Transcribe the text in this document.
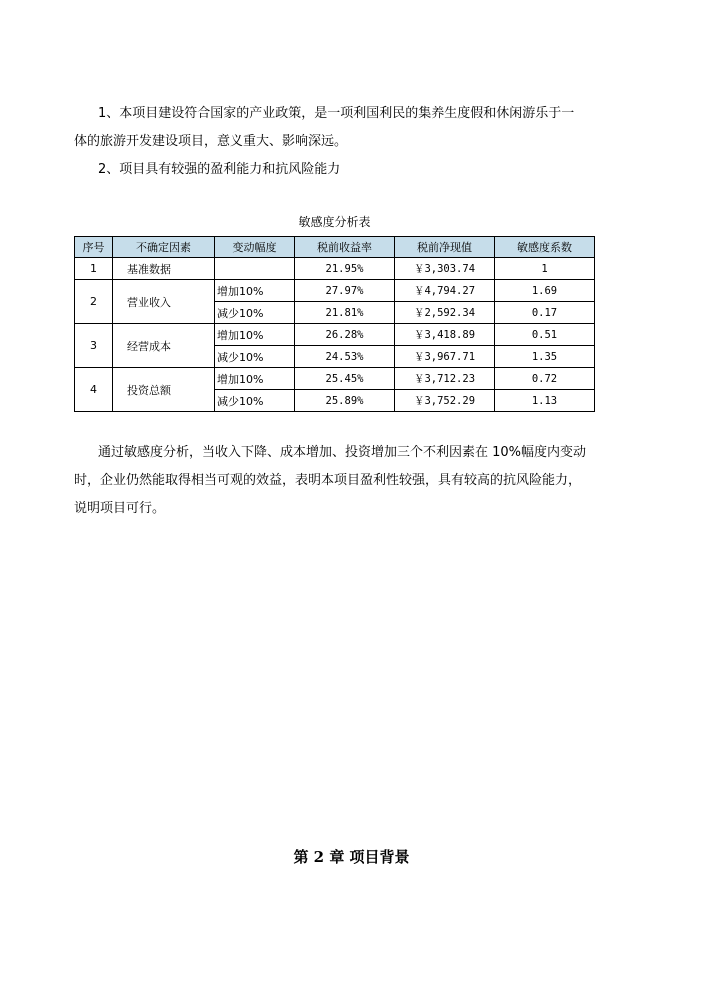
1、本项目建设符合国家的产业政策，是一项利国利民的集养生度假和休闲游乐于一
体的旅游开发建设项目，意义重大、影响深远。
2、项目具有较强的盈利能力和抗风险能力
敏感度分析表
序号	不确定因素	变动幅度	税前收益率	税前净现值	敏感度系数
1	基准数据		21.95%	￥3,303.74	1
2	营业收入	增加10%	27.97%	￥4,794.27	1.69
		减少10%	21.81%	￥2,592.34	0.17
3	经营成本	增加10%	26.28%	￥3,418.89	0.51
		减少10%	24.53%	￥3,967.71	1.35
4	投资总额	增加10%	25.45%	￥3,712.23	0.72
		减少10%	25.89%	￥3,752.29	1.13
通过敏感度分析，当收入下降、成本增加、投资增加三个不利因素在 10%幅度内变动
时，企业仍然能取得相当可观的效益，表明本项目盈利性较强，具有较高的抗风险能力，
说明项目可行。
第 2 章 项目背景
